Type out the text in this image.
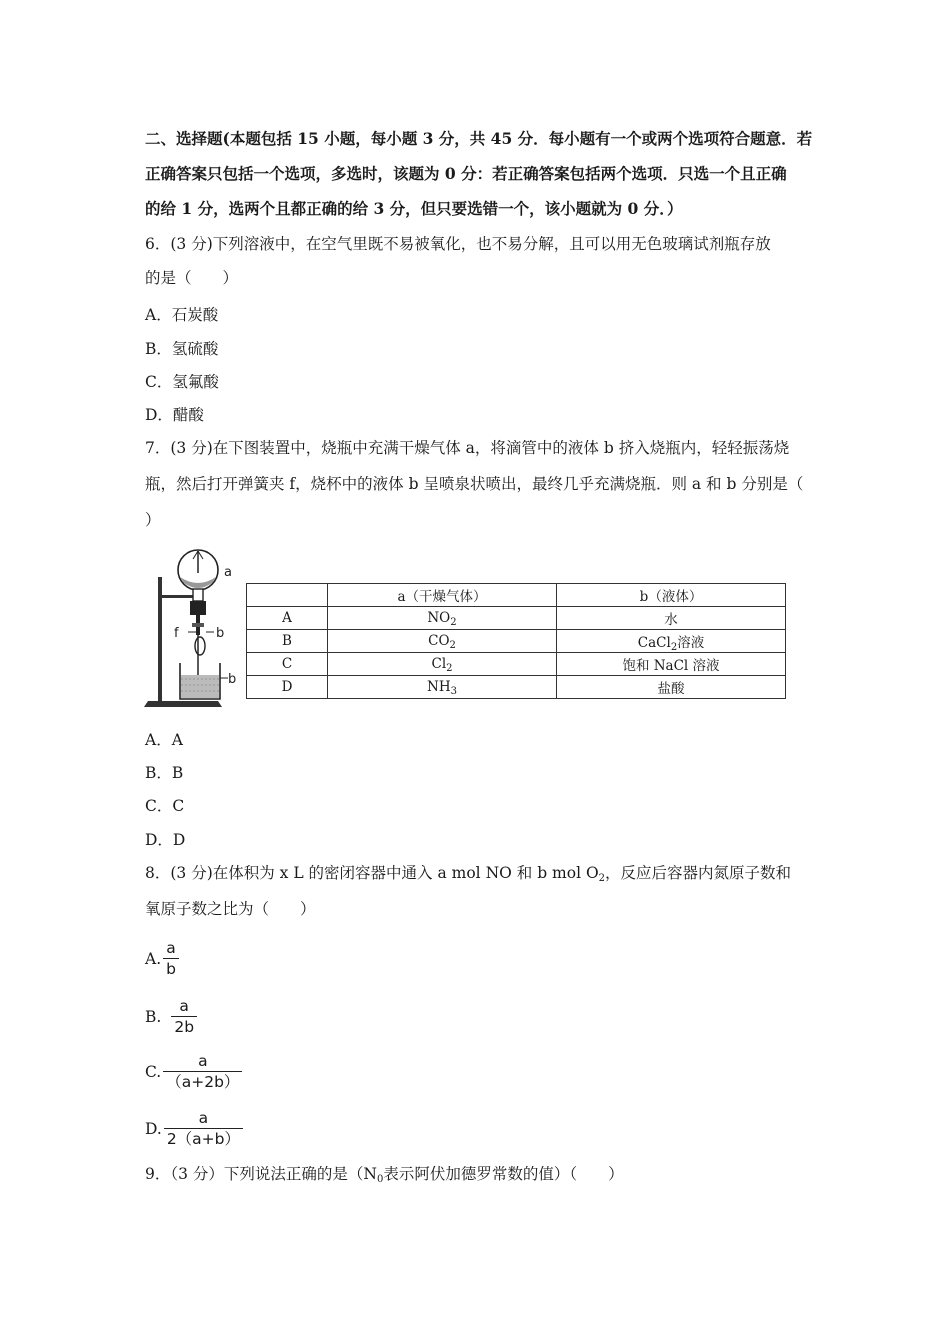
二、选择题(本题包括 15 小题，每小题 3 分，共 45 分．每小题有一个或两个选项符合题意．若
正确答案只包括一个选项，多选时，该题为 0 分：若正确答案包括两个选项．只选一个且正确
的给 1 分，选两个且都正确的给 3 分，但只要选错一个，该小题就为 0 分．）
6．(3 分)下列溶液中，在空气里既不易被氧化，也不易分解，且可以用无色玻璃试剂瓶存放
的是（　　）
A．石炭酸
B．氢硫酸
C．氢氟酸
D．醋酸
7．(3 分)在下图装置中，烧瓶中充满干燥气体 a，将滴管中的液体 b 挤入烧瓶内，轻轻振荡烧
瓶，然后打开弹簧夹 f，烧杯中的液体 b 呈喷泉状喷出，最终几乎充满烧瓶．则 a 和 b 分别是（
）
a
f	b
b
	a（干燥气体）	b（液体）
A	$NO_2$	水
B	$CO_2$	CaCl$_2$溶液
C	$Cl_2$	饱和 NaCl 溶液
D	$NH_3$	盐酸
A．A
B．B
C．C
D．D
8．(3 分)在体积为 x L 的密闭容器中通入 a mol NO 和 b mol $O_2$，反应后容器内氮原子数和
氧原子数之比为（　　）
A. $\frac{a}{b}$
B. $\frac{a}{2b}$
C. $\frac{a}{(a+2b)}$
D. $\frac{a}{2(a+b)}$
9．（3 分）下列说法正确的是（$N_0$表示阿伏加德罗常数的值）（　　）
